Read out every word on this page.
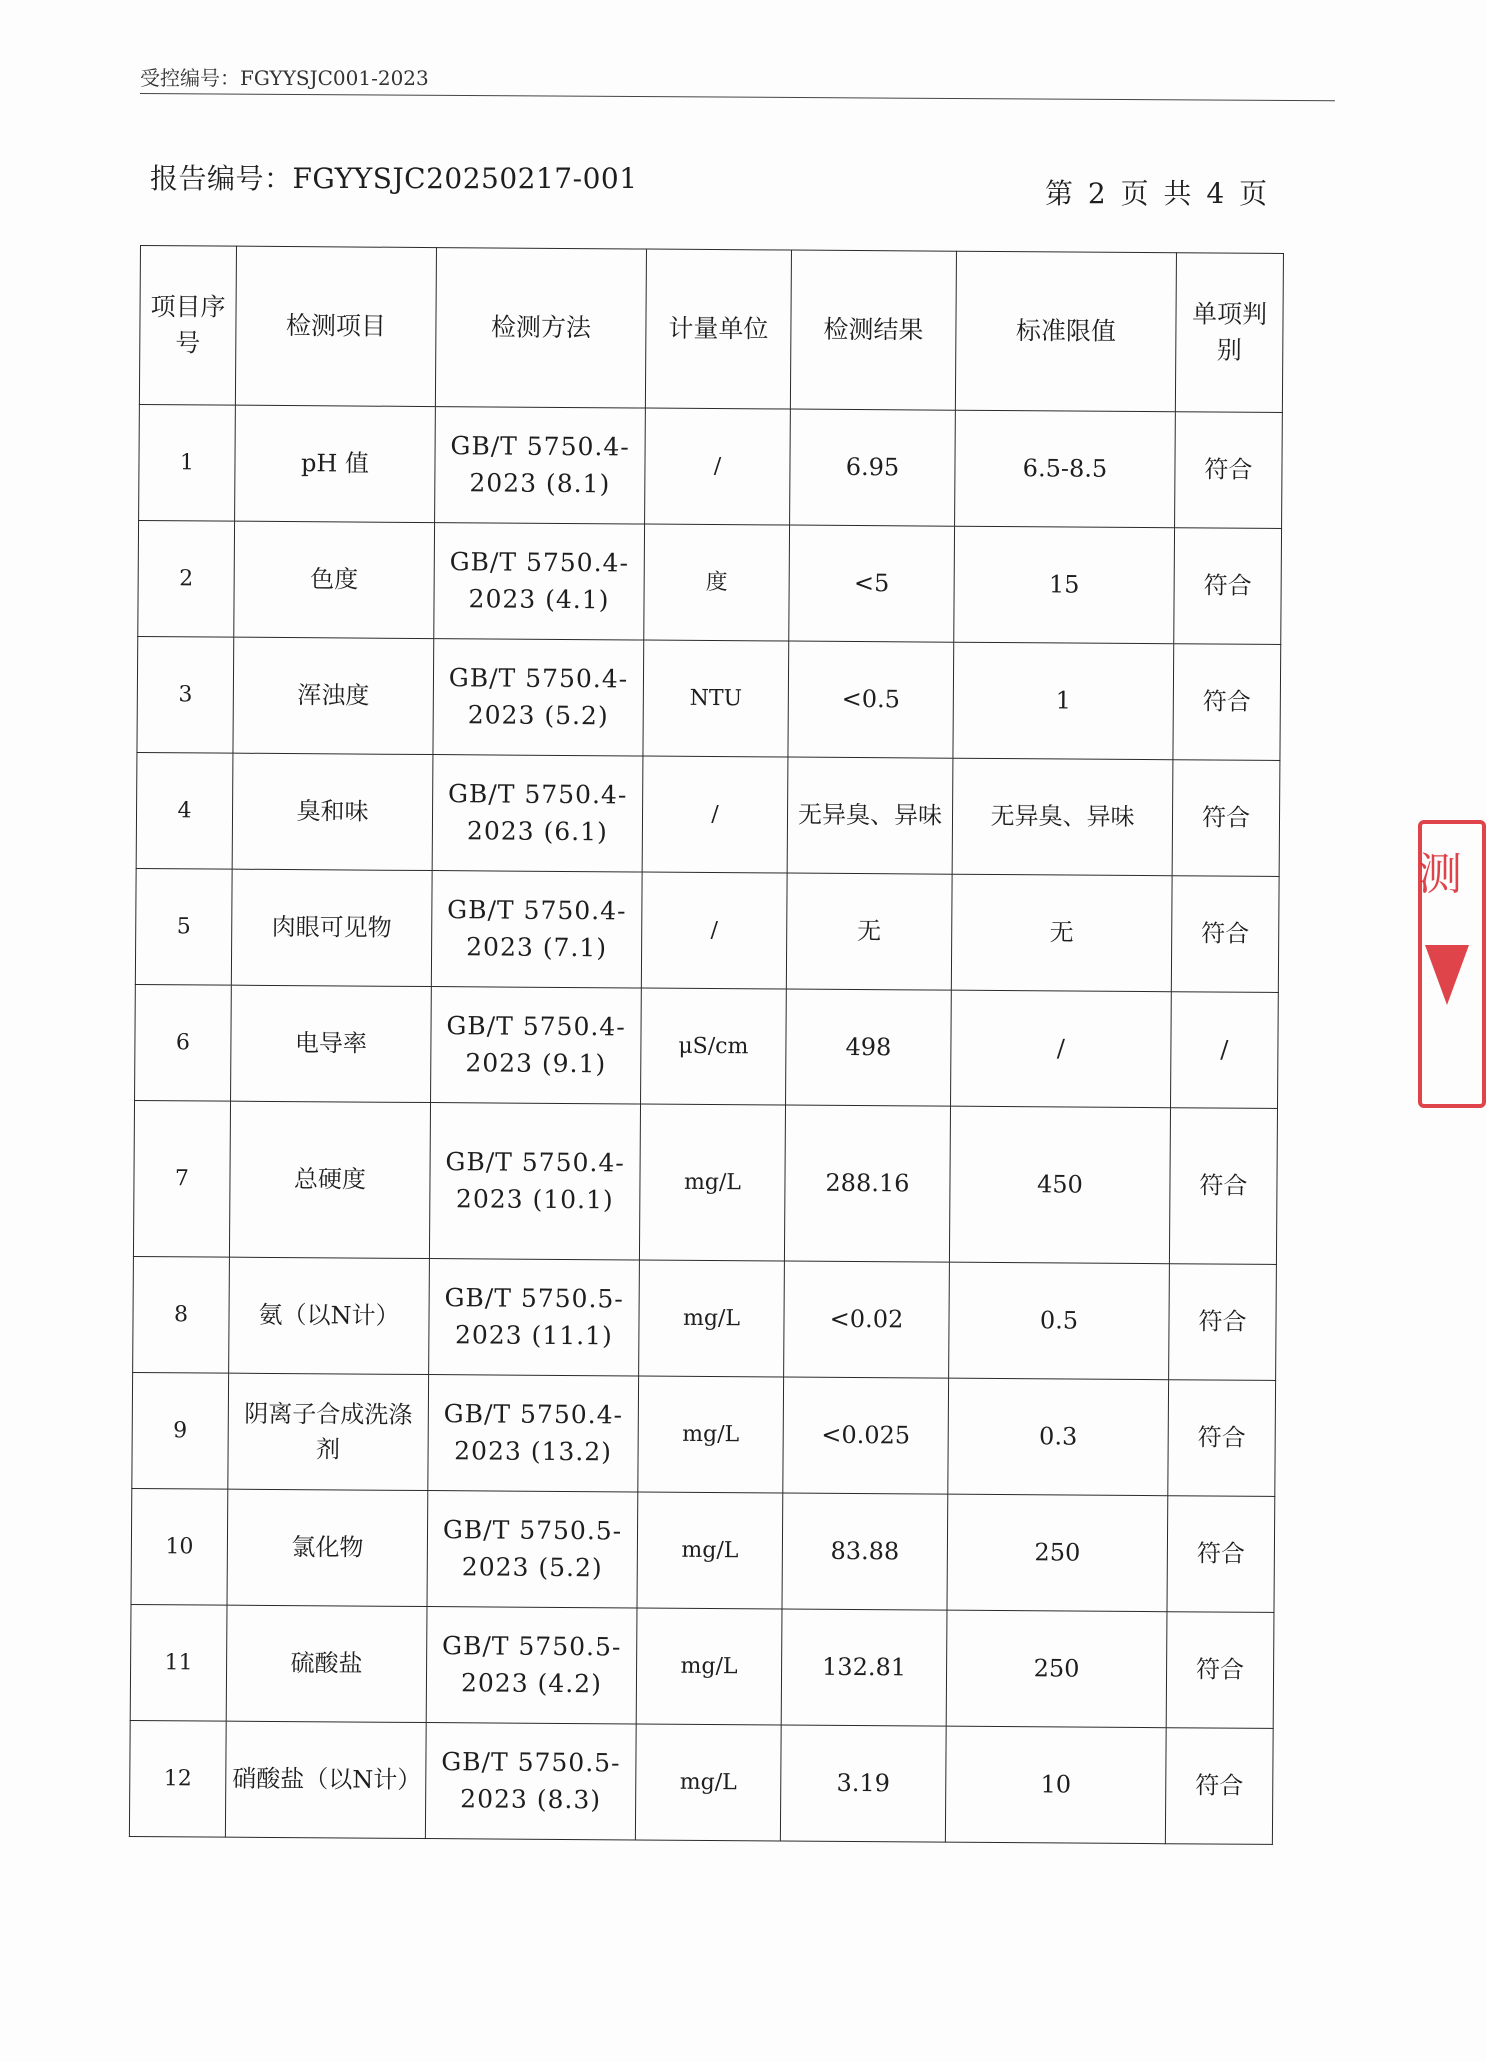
受控编号：FGYYSJC001-2023
报告编号：FGYYSJC20250217-001	第 2 页 共 4 页
项目序号	检测项目	检测方法	计量单位	检测结果	标准限值	单项判别
1	pH 值	GB/T 5750.4-2023 (8.1)	/	6.95	6.5-8.5	符合
2	色度	GB/T 5750.4-2023 (4.1)	度	<5	15	符合
3	浑浊度	GB/T 5750.4-2023 (5.2)	NTU	<0.5	1	符合
4	臭和味	GB/T 5750.4-2023 (6.1)	/	无异臭、异味	无异臭、异味	符合
5	肉眼可见物	GB/T 5750.4-2023 (7.1)	/	无	无	符合
6	电导率	GB/T 5750.4-2023 (9.1)	μS/cm	498	/	/
7	总硬度	GB/T 5750.4-2023 (10.1)	mg/L	288.16	450	符合
8	氨（以N计）	GB/T 5750.5-2023 (11.1)	mg/L	<0.02	0.5	符合
9	阴离子合成洗涤剂	GB/T 5750.4-2023 (13.2)	mg/L	<0.025	0.3	符合
10	氯化物	GB/T 5750.5-2023 (5.2)	mg/L	83.88	250	符合
11	硫酸盐	GB/T 5750.5-2023 (4.2)	mg/L	132.81	250	符合
12	硝酸盐（以N计）	GB/T 5750.5-2023 (8.3)	mg/L	3.19	10	符合
测
